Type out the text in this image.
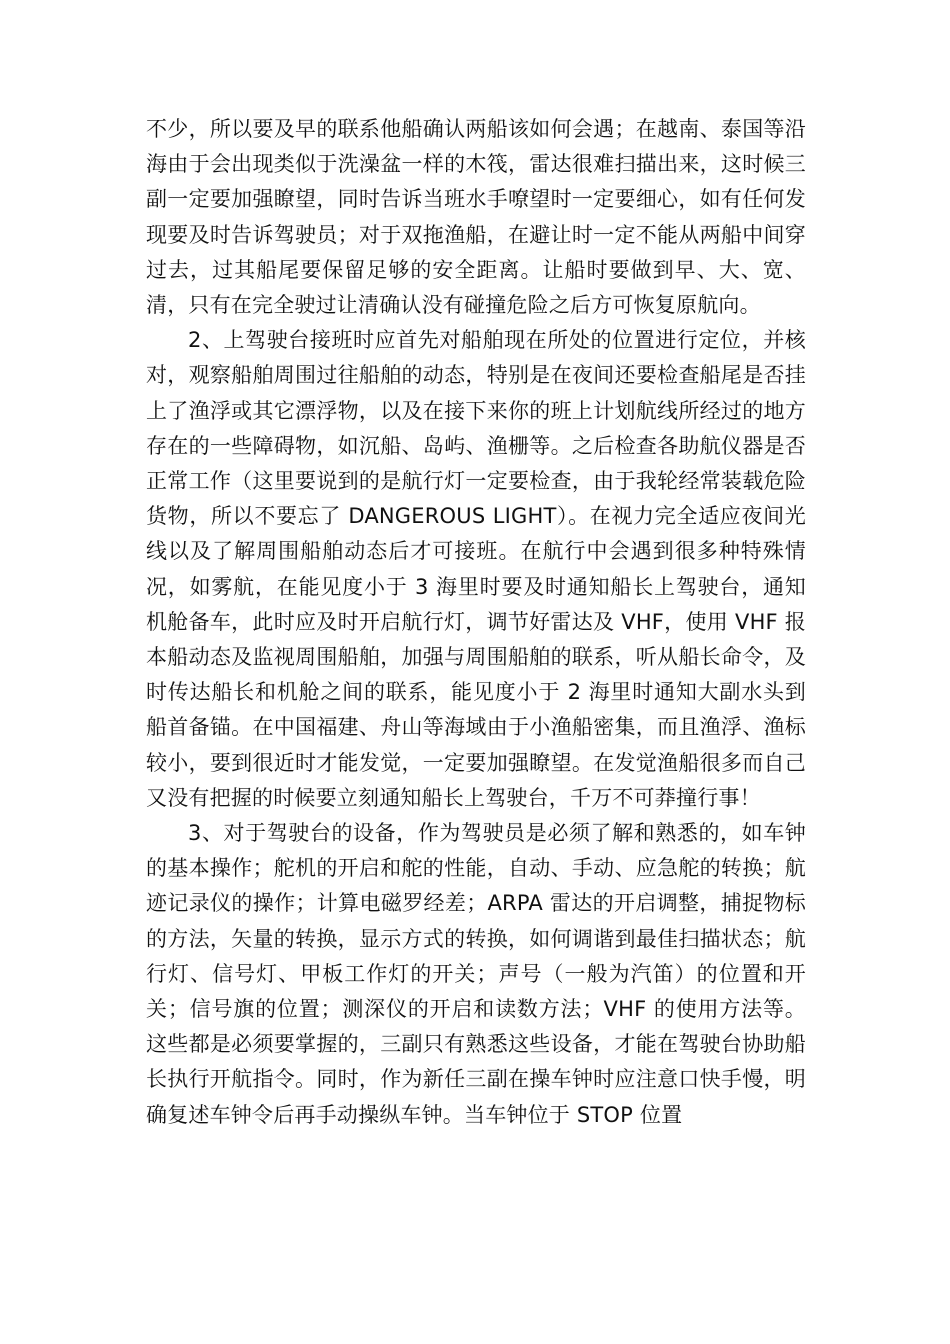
不少，所以要及早的联系他船确认两船该如何会遇；在越南、泰国等沿海由于会出现类似于洗澡盆一样的木筏，雷达很难扫描出来，这时候三副一定要加强瞭望，同时告诉当班水手嘹望时一定要细心，如有任何发现要及时告诉驾驶员；对于双拖渔船，在避让时一定不能从两船中间穿过去，过其船尾要保留足够的安全距离。让船时要做到早、大、宽、清，只有在完全驶过让清确认没有碰撞危险之后方可恢复原航向。

2、上驾驶台接班时应首先对船舶现在所处的位置进行定位，并核对，观察船舶周围过往船舶的动态，特别是在夜间还要检查船尾是否挂上了渔浮或其它漂浮物，以及在接下来你的班上计划航线所经过的地方存在的一些障碍物，如沉船、岛屿、渔栅等。之后检查各助航仪器是否正常工作（这里要说到的是航行灯一定要检查，由于我轮经常装载危险货物，所以不要忘了 DANGEROUS LIGHT）。在视力完全适应夜间光线以及了解周围船舶动态后才可接班。在航行中会遇到很多种特殊情况，如雾航，在能见度小于 3 海里时要及时通知船长上驾驶台，通知机舱备车，此时应及时开启航行灯，调节好雷达及 VHF，使用 VHF 报本船动态及监视周围船舶，加强与周围船舶的联系，听从船长命令，及时传达船长和机舱之间的联系，能见度小于 2 海里时通知大副水头到船首备锚。在中国福建、舟山等海域由于小渔船密集，而且渔浮、渔标较小，要到很近时才能发觉，一定要加强瞭望。在发觉渔船很多而自己又没有把握的时候要立刻通知船长上驾驶台，千万不可莽撞行事！

3、对于驾驶台的设备，作为驾驶员是必须了解和熟悉的，如车钟的基本操作；舵机的开启和舵的性能，自动、手动、应急舵的转换；航迹记录仪的操作；计算电磁罗经差；ARPA 雷达的开启调整，捕捉物标的方法，矢量的转换，显示方式的转换，如何调谐到最佳扫描状态；航行灯、信号灯、甲板工作灯的开关；声号（一般为汽笛）的位置和开关；信号旗的位置；测深仪的开启和读数方法；VHF 的使用方法等。这些都是必须要掌握的，三副只有熟悉这些设备，才能在驾驶台协助船长执行开航指令。同时，作为新任三副在操车钟时应注意口快手慢，明确复述车钟令后再手动操纵车钟。当车钟位于 STOP 位置
